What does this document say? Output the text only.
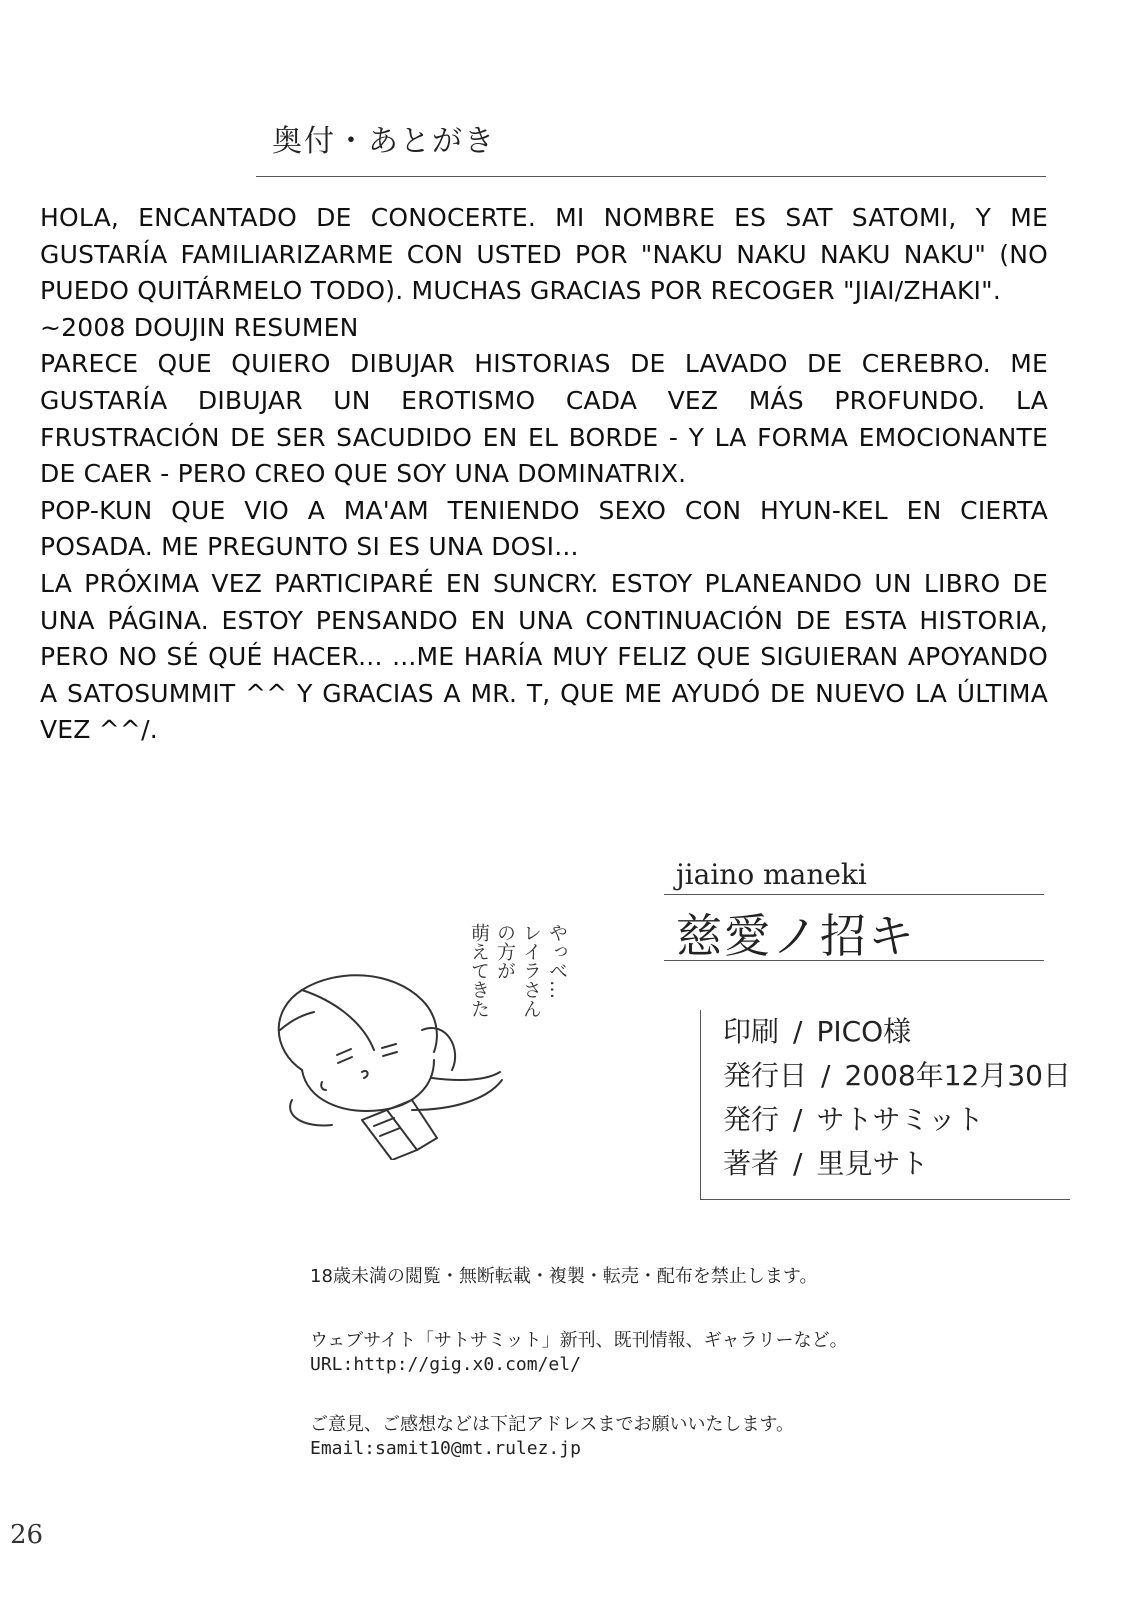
奥付・あとがき

HOLA, ENCANTADO DE CONOCERTE. MI NOMBRE ES SAT SATOMI, Y ME GUSTARÍA FAMILIARIZARME CON USTED POR "NAKU NAKU NAKU NAKU" (NO PUEDO QUITÁRMELO TODO). MUCHAS GRACIAS POR RECOGER "JIAI/ZHAKI".

~2008 DOUJIN RESUMEN

PARECE QUE QUIERO DIBUJAR HISTORIAS DE LAVADO DE CEREBRO. ME GUSTARÍA DIBUJAR UN EROTISMO CADA VEZ MÁS PROFUNDO. LA FRUSTRACIÓN DE SER SACUDIDO EN EL BORDE - Y LA FORMA EMOCIONANTE DE CAER - PERO CREO QUE SOY UNA DOMINATRIX.

POP-KUN QUE VIO A MA'AM TENIENDO SEXO CON HYUN-KEL EN CIERTA POSADA. ME PREGUNTO SI ES UNA DOSI...

LA PRÓXIMA VEZ PARTICIPARÉ EN SUNCRY. ESTOY PLANEANDO UN LIBRO DE UNA PÁGINA. ESTOY PENSANDO EN UNA CONTINUACIÓN DE ESTA HISTORIA, PERO NO SÉ QUÉ HACER... ...ME HARÍA MUY FELIZ QUE SIGUIERAN APOYANDO A SATOSUMMIT ^^ Y GRACIAS A MR. T, QUE ME AYUDÓ DE NUEVO LA ÚLTIMA VEZ ^^/.

やっべ…
レイラさん
の方が
萌えてきた
jiaino maneki
慈愛ノ招キ
印刷 / PICO様
発行日 / 2008年12月30日
発行 / サトサミット
著者 / 里見サト
18歳未満の閲覧・無断転載・複製・転売・配布を禁止します。
ウェブサイト「サトサミット」新刊、既刊情報、ギャラリーなど。
URL:http://gig.x0.com/el/
ご意見、ご感想などは下記アドレスまでお願いいたします。
Email:samit10@mt.rulez.jp
26
